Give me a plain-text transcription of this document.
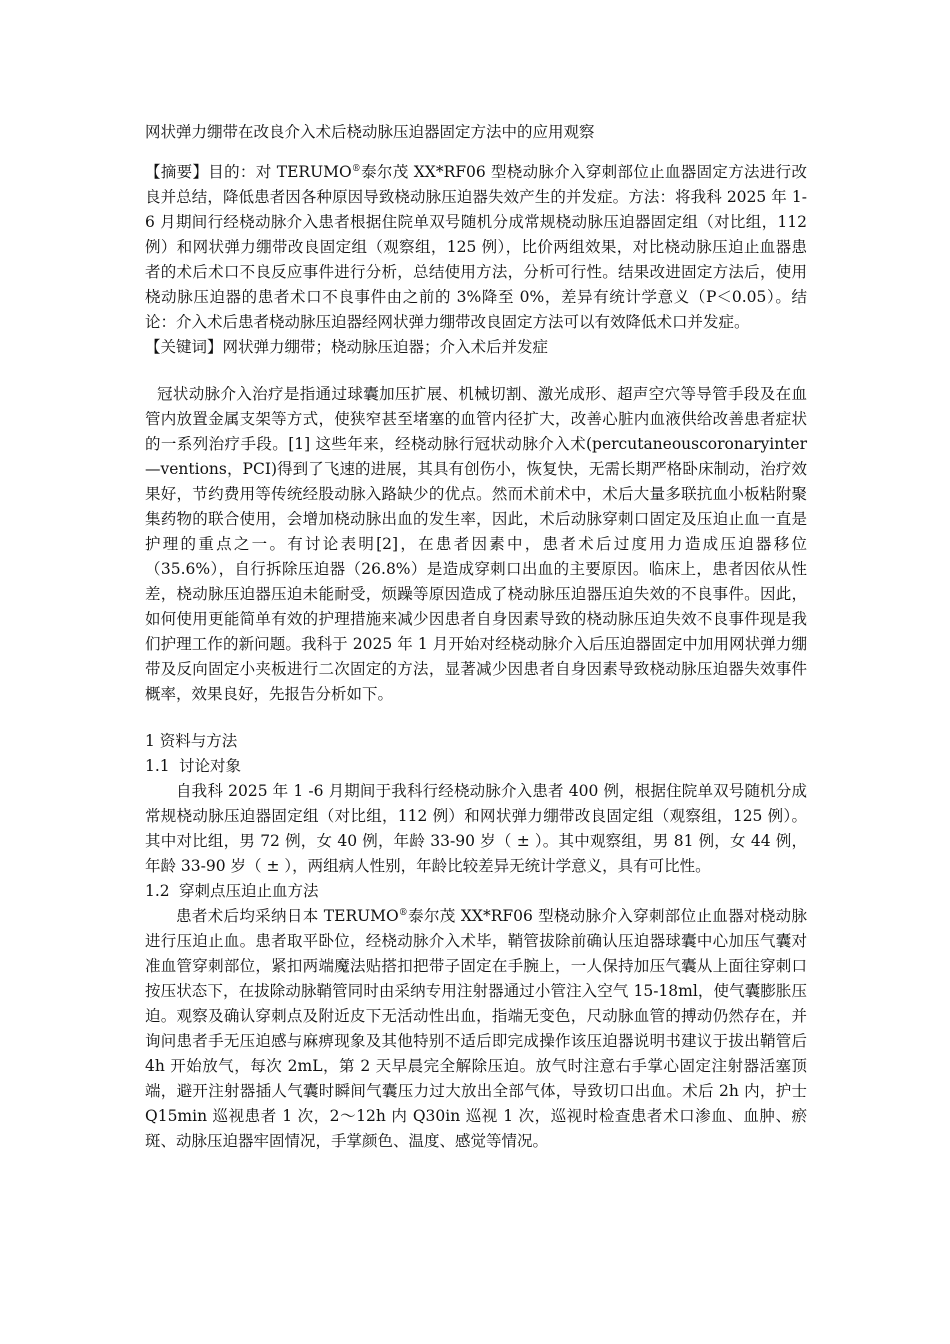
网状弹力绷带在改良介入术后桡动脉压迫器固定方法中的应用观察

【摘要】目的：对 TERUMO®泰尔茂 XX*RF06 型桡动脉介入穿刺部位止血器固定方法进行改良并总结，降低患者因各种原因导致桡动脉压迫器失效产生的并发症。方法：将我科 2025 年 1-6 月期间行经桡动脉介入患者根据住院单双号随机分成常规桡动脉压迫器固定组（对比组，112 例）和网状弹力绷带改良固定组（观察组，125 例），比价两组效果，对比桡动脉压迫止血器患者的术后术口不良反应事件进行分析，总结使用方法，分析可行性。结果改进固定方法后，使用桡动脉压迫器的患者术口不良事件由之前的 3%降至 0%，差异有统计学意义（P＜0.05）。结论：介入术后患者桡动脉压迫器经网状弹力绷带改良固定方法可以有效降低术口并发症。

【关键词】网状弹力绷带；桡动脉压迫器；介入术后并发症

冠状动脉介入治疗是指通过球囊加压扩展、机械切割、激光成形、超声空穴等导管手段及在血管内放置金属支架等方式，使狭窄甚至堵塞的血管内径扩大，改善心脏内血液供给改善患者症状的一系列治疗手段。[1] 这些年来，经桡动脉行冠状动脉介入术(percutaneouscoronaryinter—ventions，PCI)得到了飞速的进展，其具有创伤小，恢复快，无需长期严格卧床制动，治疗效果好，节约费用等传统经股动脉入路缺少的优点。然而术前术中，术后大量多联抗血小板粘附聚集药物的联合使用，会增加桡动脉出血的发生率，因此，术后动脉穿刺口固定及压迫止血一直是护理的重点之一。有讨论表明[2]，在患者因素中，患者术后过度用力造成压迫器移位（35.6%），自行拆除压迫器（26.8%）是造成穿刺口出血的主要原因。临床上，患者因依从性差，桡动脉压迫器压迫未能耐受，烦躁等原因造成了桡动脉压迫器压迫失效的不良事件。因此，如何使用更能简单有效的护理措施来减少因患者自身因素导致的桡动脉压迫失效不良事件现是我们护理工作的新问题。我科于 2025 年 1 月开始对经桡动脉介入后压迫器固定中加用网状弹力绷带及反向固定小夹板进行二次固定的方法，显著减少因患者自身因素导致桡动脉压迫器失效事件概率，效果良好，先报告分析如下。

1 资料与方法

1.1 讨论对象

自我科 2025 年 1 -6 月期间于我科行经桡动脉介入患者 400 例，根据住院单双号随机分成常规桡动脉压迫器固定组（对比组，112 例）和网状弹力绷带改良固定组（观察组，125 例）。其中对比组，男 72 例，女 40 例，年龄 33-90 岁（ ± ）。其中观察组，男 81 例，女 44 例，年龄 33-90 岁（ ± ），两组病人性别，年龄比较差异无统计学意义，具有可比性。

1.2 穿刺点压迫止血方法

患者术后均采纳日本 TERUMO®泰尔茂 XX*RF06 型桡动脉介入穿刺部位止血器对桡动脉进行压迫止血。患者取平卧位，经桡动脉介入术毕，鞘管拔除前确认压迫器球囊中心加压气囊对准血管穿刺部位，紧扣两端魔法贴搭扣把带子固定在手腕上，一人保持加压气囊从上面往穿刺口按压状态下，在拔除动脉鞘管同时由采纳专用注射器通过小管注入空气 15-18ml，使气囊膨胀压迫。观察及确认穿刺点及附近皮下无活动性出血，指端无变色，尺动脉血管的搏动仍然存在，并询问患者手无压迫感与麻痹现象及其他特别不适后即完成操作该压迫器说明书建议于拔出鞘管后 4h 开始放气，每次 2mL，第 2 天早晨完全解除压迫。放气时注意右手掌心固定注射器活塞顶端，避开注射器插人气囊时瞬间气囊压力过大放出全部气体，导致切口出血。术后 2h 内，护士 Q15min 巡视患者 1 次，2～12h 内 Q30in 巡视 1 次，巡视时检查患者术口渗血、血肿、瘀斑、动脉压迫器牢固情况，手掌颜色、温度、感觉等情况。
